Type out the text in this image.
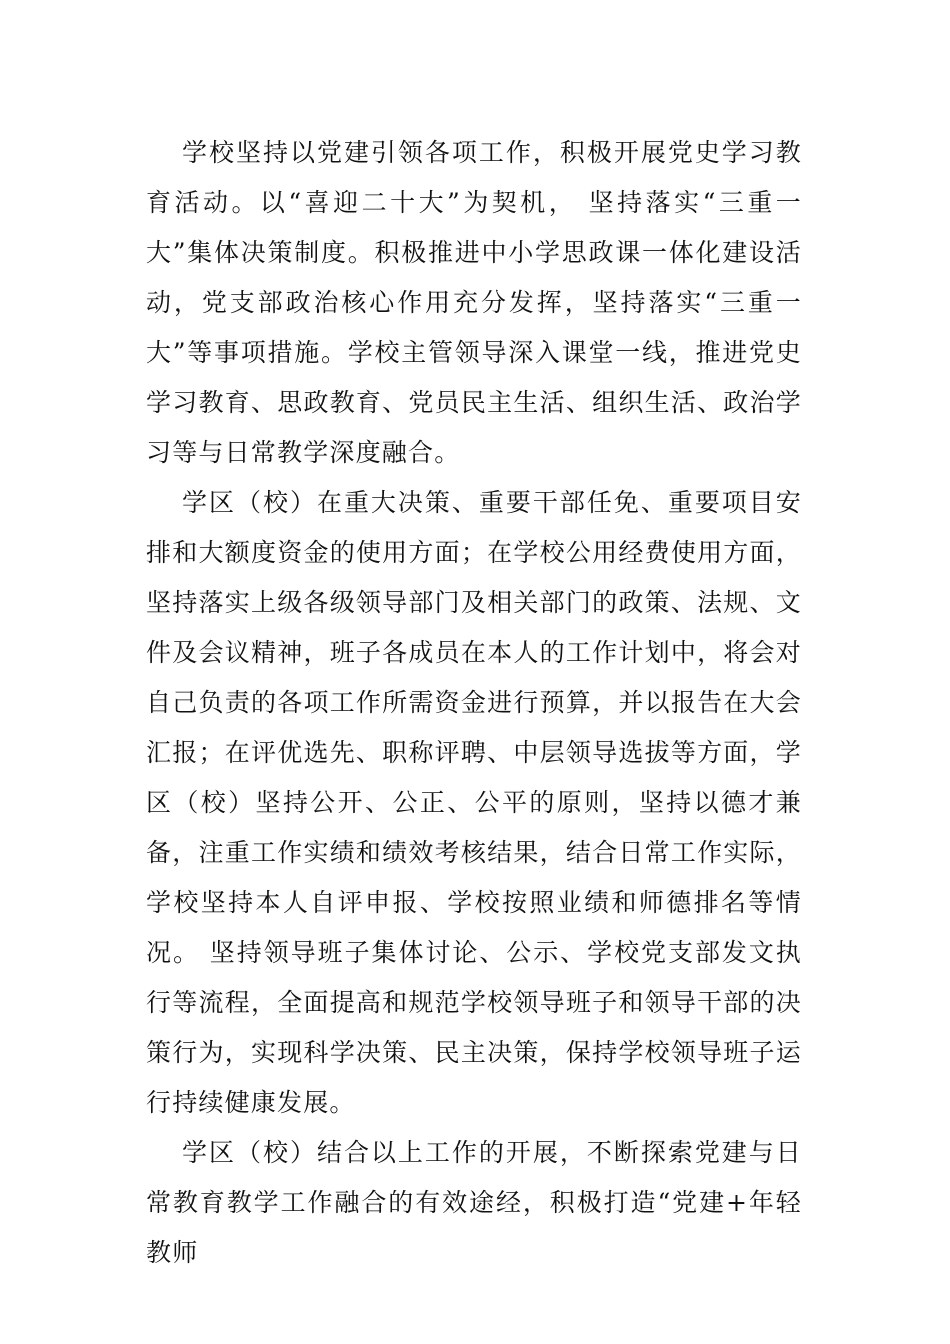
学校坚持以党建引领各项工作，积极开展党史学习教育活动。以“喜迎二十大”为契机， 坚持落实“三重一大”集体决策制度。积极推进中小学思政课一体化建设活动，党支部政治核心作用充分发挥，坚持落实“三重一大”等事项措施。学校主管领导深入课堂一线，推进党史学习教育、思政教育、党员民主生活、组织生活、政治学习等与日常教学深度融合。

学区（校）在重大决策、重要干部任免、重要项目安排和大额度资金的使用方面；在学校公用经费使用方面，坚持落实上级各级领导部门及相关部门的政策、法规、文件及会议精神，班子各成员在本人的工作计划中，将会对自己负责的各项工作所需资金进行预算，并以报告在大会汇报；在评优选先、职称评聘、中层领导选拔等方面，学区（校）坚持公开、公正、公平的原则，坚持以德才兼备，注重工作实绩和绩效考核结果，结合日常工作实际，学校坚持本人自评申报、学校按照业绩和师德排名等情况。 坚持领导班子集体讨论、公示、学校党支部发文执行等流程，全面提高和规范学校领导班子和领导干部的决策行为，实现科学决策、民主决策，保持学校领导班子运行持续健康发展。

学区（校）结合以上工作的开展，不断探索党建与日常教育教学工作融合的有效途经，积极打造“党建+年轻教师
